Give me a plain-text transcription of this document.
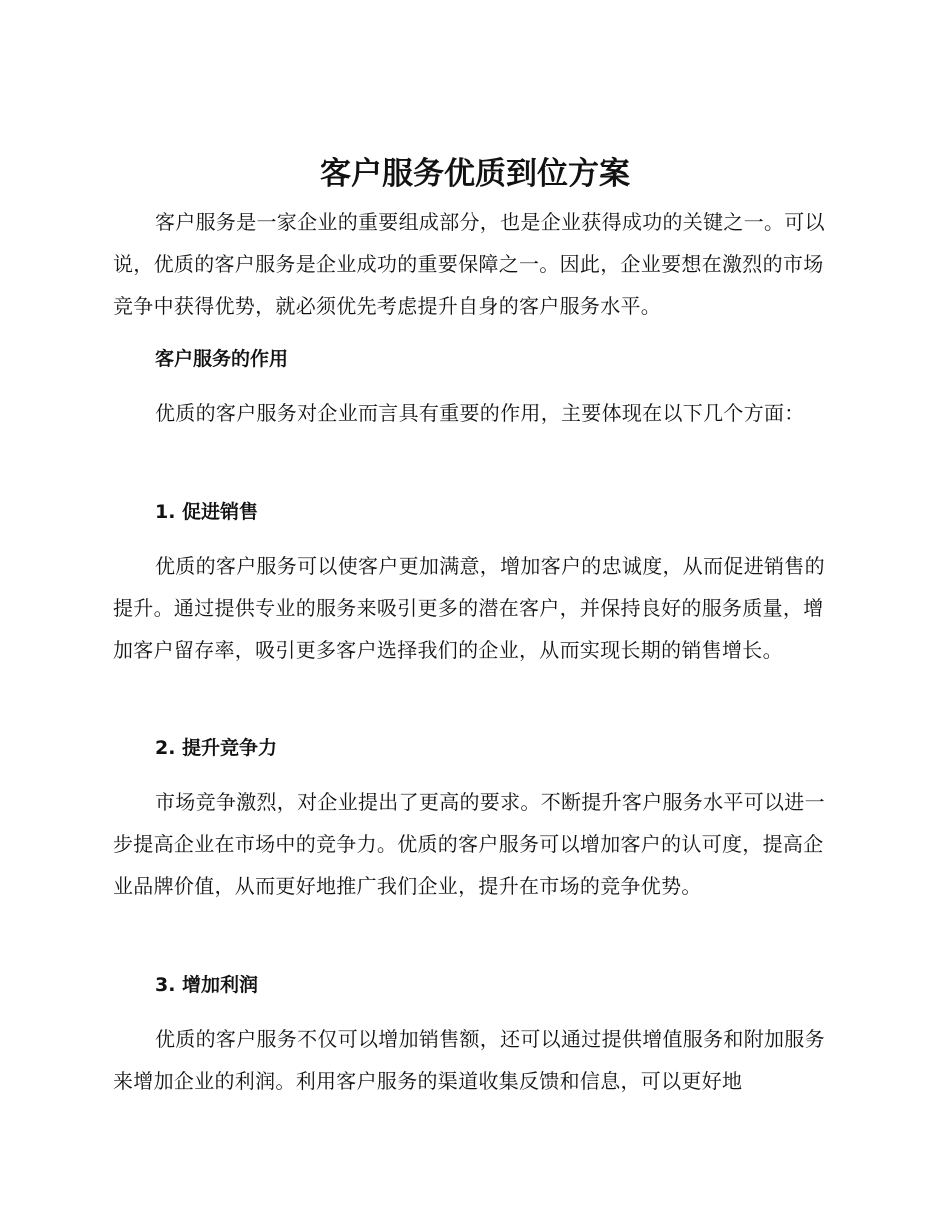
客户服务优质到位方案

客户服务是一家企业的重要组成部分，也是企业获得成功的关键之一。可以说，优质的客户服务是企业成功的重要保障之一。因此，企业要想在激烈的市场竞争中获得优势，就必须优先考虑提升自身的客户服务水平。

客户服务的作用

优质的客户服务对企业而言具有重要的作用，主要体现在以下几个方面：

1. 促进销售

优质的客户服务可以使客户更加满意，增加客户的忠诚度，从而促进销售的提升。通过提供专业的服务来吸引更多的潜在客户，并保持良好的服务质量，增加客户留存率，吸引更多客户选择我们的企业，从而实现长期的销售增长。

2. 提升竞争力

市场竞争激烈，对企业提出了更高的要求。不断提升客户服务水平可以进一步提高企业在市场中的竞争力。优质的客户服务可以增加客户的认可度，提高企业品牌价值，从而更好地推广我们企业，提升在市场的竞争优势。

3. 增加利润

优质的客户服务不仅可以增加销售额，还可以通过提供增值服务和附加服务来增加企业的利润。利用客户服务的渠道收集反馈和信息，可以更好地
